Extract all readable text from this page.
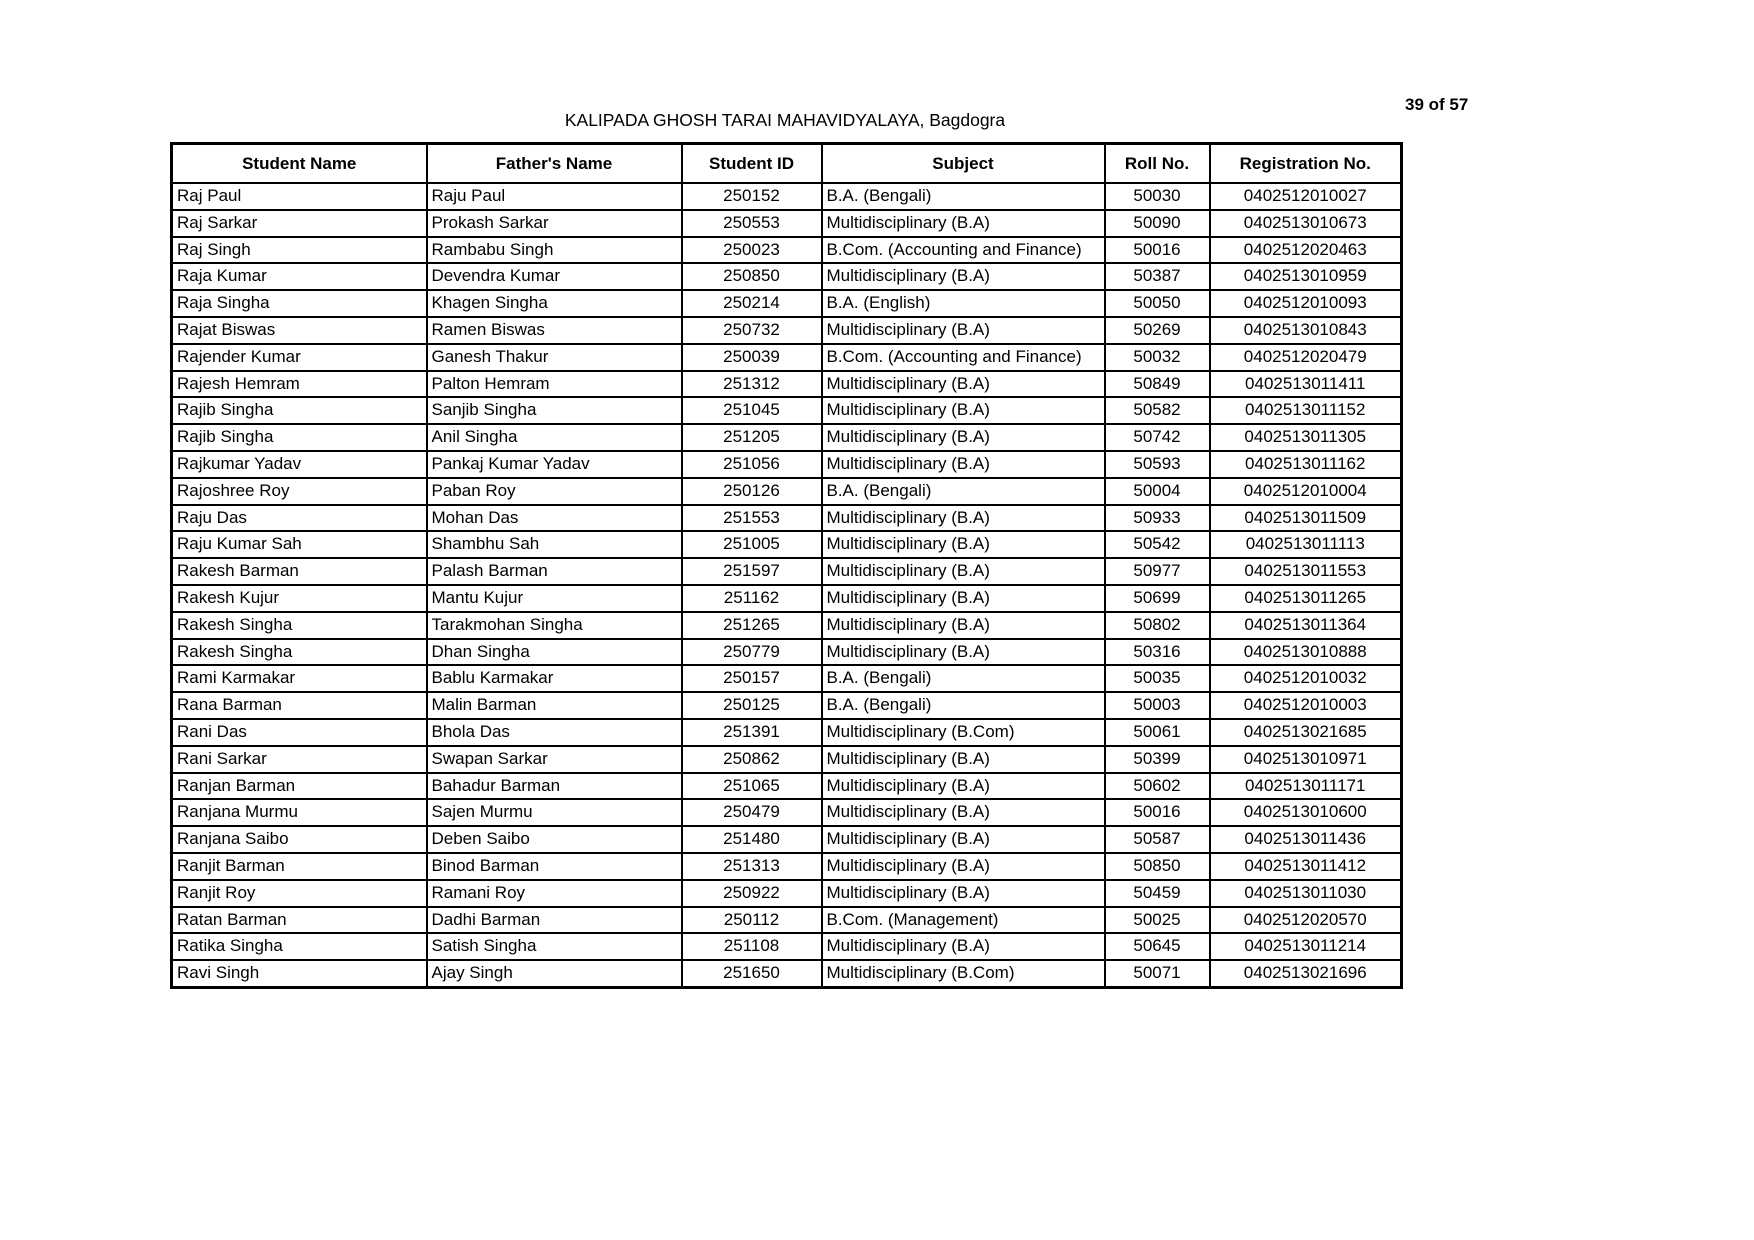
39 of 57
KALIPADA GHOSH TARAI MAHAVIDYALAYA, Bagdogra
Student Name	Father's Name	Student ID	Subject	Roll No.	Registration No.
Raj Paul	Raju Paul	250152	B.A. (Bengali)	50030	0402512010027
Raj Sarkar	Prokash Sarkar	250553	Multidisciplinary (B.A)	50090	0402513010673
Raj Singh	Rambabu Singh	250023	B.Com. (Accounting and Finance)	50016	0402512020463
Raja Kumar	Devendra Kumar	250850	Multidisciplinary (B.A)	50387	0402513010959
Raja Singha	Khagen Singha	250214	B.A. (English)	50050	0402512010093
Rajat Biswas	Ramen Biswas	250732	Multidisciplinary (B.A)	50269	0402513010843
Rajender Kumar	Ganesh Thakur	250039	B.Com. (Accounting and Finance)	50032	0402512020479
Rajesh Hemram	Palton Hemram	251312	Multidisciplinary (B.A)	50849	0402513011411
Rajib Singha	Sanjib Singha	251045	Multidisciplinary (B.A)	50582	0402513011152
Rajib Singha	Anil Singha	251205	Multidisciplinary (B.A)	50742	0402513011305
Rajkumar Yadav	Pankaj Kumar Yadav	251056	Multidisciplinary (B.A)	50593	0402513011162
Rajoshree Roy	Paban Roy	250126	B.A. (Bengali)	50004	0402512010004
Raju Das	Mohan Das	251553	Multidisciplinary (B.A)	50933	0402513011509
Raju Kumar Sah	Shambhu Sah	251005	Multidisciplinary (B.A)	50542	0402513011113
Rakesh Barman	Palash Barman	251597	Multidisciplinary (B.A)	50977	0402513011553
Rakesh Kujur	Mantu Kujur	251162	Multidisciplinary (B.A)	50699	0402513011265
Rakesh Singha	Tarakmohan Singha	251265	Multidisciplinary (B.A)	50802	0402513011364
Rakesh Singha	Dhan Singha	250779	Multidisciplinary (B.A)	50316	0402513010888
Rami Karmakar	Bablu Karmakar	250157	B.A. (Bengali)	50035	0402512010032
Rana Barman	Malin Barman	250125	B.A. (Bengali)	50003	0402512010003
Rani Das	Bhola Das	251391	Multidisciplinary (B.Com)	50061	0402513021685
Rani Sarkar	Swapan Sarkar	250862	Multidisciplinary (B.A)	50399	0402513010971
Ranjan Barman	Bahadur Barman	251065	Multidisciplinary (B.A)	50602	0402513011171
Ranjana Murmu	Sajen Murmu	250479	Multidisciplinary (B.A)	50016	0402513010600
Ranjana Saibo	Deben Saibo	251480	Multidisciplinary (B.A)	50587	0402513011436
Ranjit Barman	Binod Barman	251313	Multidisciplinary (B.A)	50850	0402513011412
Ranjit Roy	Ramani Roy	250922	Multidisciplinary (B.A)	50459	0402513011030
Ratan Barman	Dadhi Barman	250112	B.Com. (Management)	50025	0402512020570
Ratika Singha	Satish Singha	251108	Multidisciplinary (B.A)	50645	0402513011214
Ravi Singh	Ajay Singh	251650	Multidisciplinary (B.Com)	50071	0402513021696
